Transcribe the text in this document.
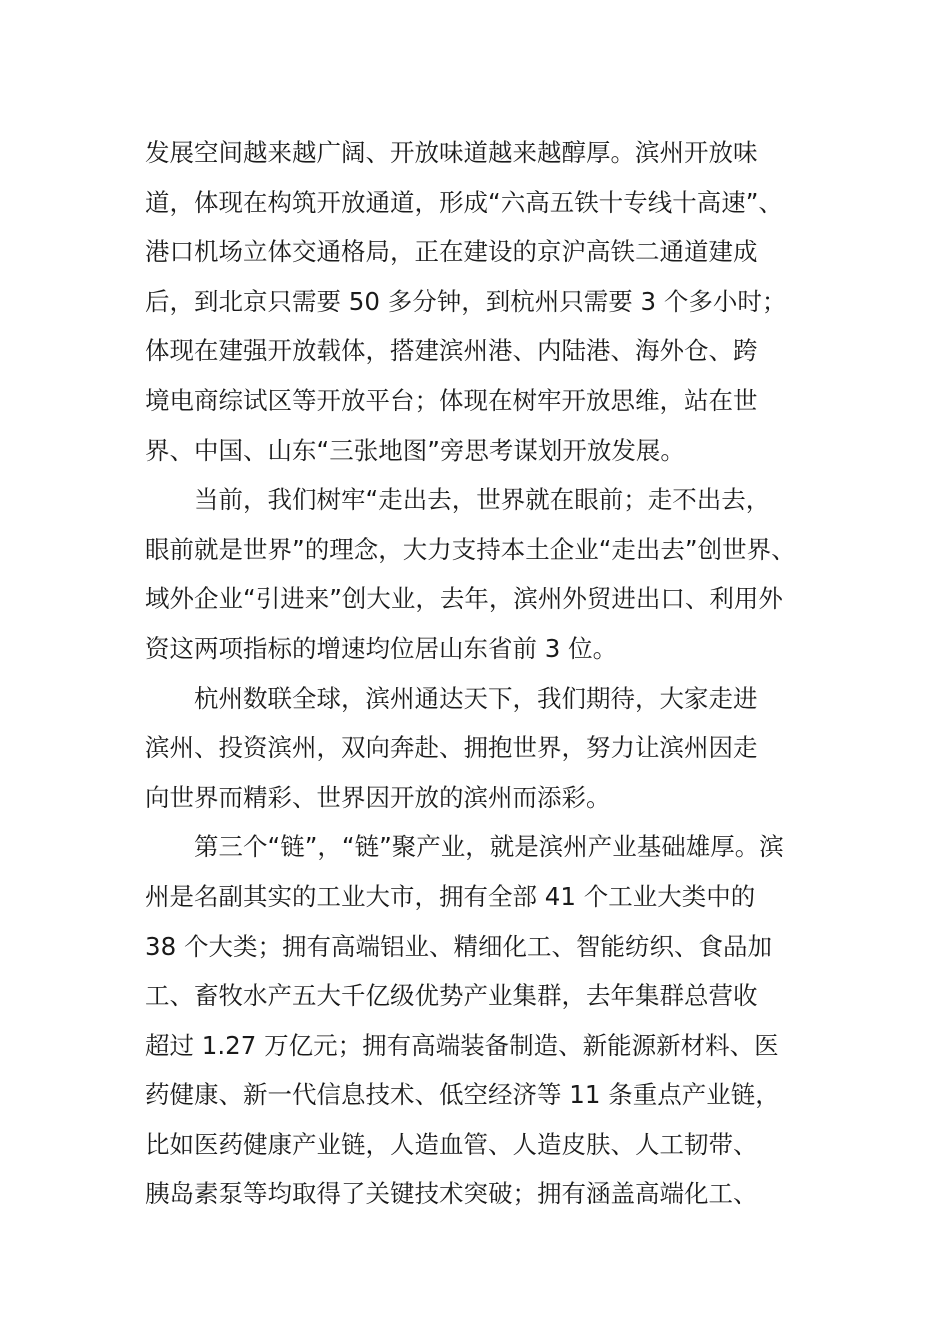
发展空间越来越广阔、开放味道越来越醇厚。滨州开放味
道，体现在构筑开放通道，形成“六高五铁十专线十高速”、
港口机场立体交通格局，正在建设的京沪高铁二通道建成
后，到北京只需要 50 多分钟，到杭州只需要 3 个多小时；
体现在建强开放载体，搭建滨州港、内陆港、海外仓、跨
境电商综试区等开放平台；体现在树牢开放思维，站在世
界、中国、山东“三张地图”旁思考谋划开放发展。
　　当前，我们树牢“走出去，世界就在眼前；走不出去，
眼前就是世界”的理念，大力支持本土企业“走出去”创世界、
域外企业“引进来”创大业，去年，滨州外贸进出口、利用外
资这两项指标的增速均位居山东省前 3 位。
　　杭州数联全球，滨州通达天下，我们期待，大家走进
滨州、投资滨州，双向奔赴、拥抱世界，努力让滨州因走
向世界而精彩、世界因开放的滨州而添彩。
　　第三个“链”，“链”聚产业，就是滨州产业基础雄厚。滨
州是名副其实的工业大市，拥有全部 41 个工业大类中的
38 个大类；拥有高端铝业、精细化工、智能纺织、食品加
工、畜牧水产五大千亿级优势产业集群，去年集群总营收
超过 1.27 万亿元；拥有高端装备制造、新能源新材料、医
药健康、新一代信息技术、低空经济等 11 条重点产业链，
比如医药健康产业链，人造血管、人造皮肤、人工韧带、
胰岛素泵等均取得了关键技术突破；拥有涵盖高端化工、
